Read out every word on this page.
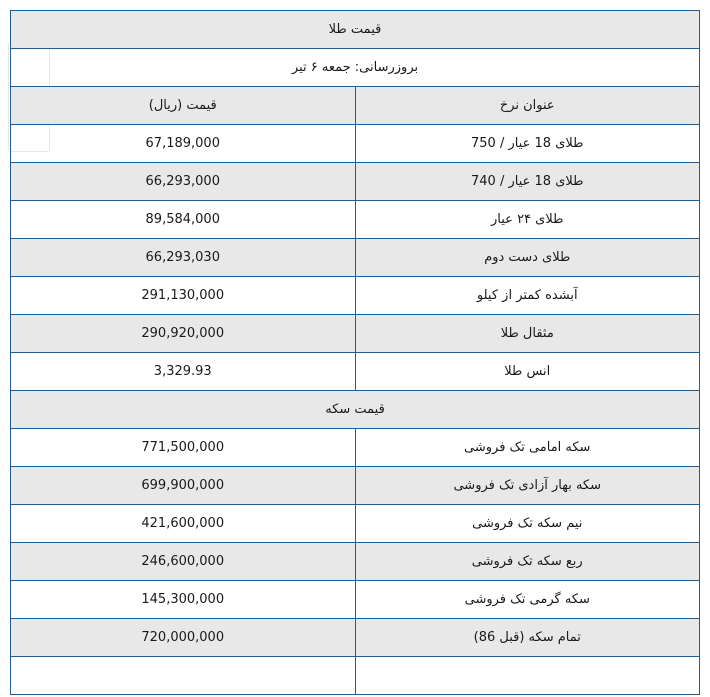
قیمت طلا	
بروزرسانی: جمعه ۶ تیر	
قیمت (ریال)	عنوان نرخ
67,189,000	طلای 18 عیار / 750
66,293,000	طلای 18 عیار / 740
89,584,000	طلای ۲۴ عیار
66,293,030	طلای دست دوم
291,130,000	آبشده کمتر از کیلو
290,920,000	مثقال طلا
3,329.93	انس طلا
قیمت سکه	
771,500,000	سکه امامی تک فروشی
699,900,000	سکه بهار آزادی تک فروشی
421,600,000	نیم سکه تک فروشی
246,600,000	ربع سکه تک فروشی
145,300,000	سکه گرمی تک فروشی
720,000,000	تمام سکه (قبل 86)
